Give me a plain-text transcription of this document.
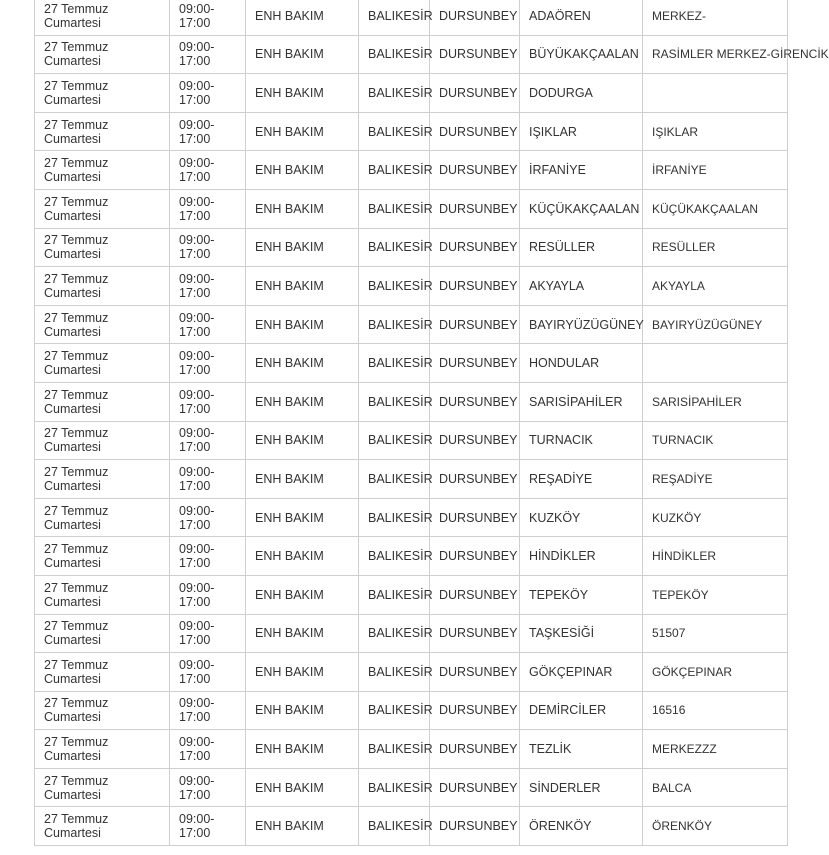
27 Temmuz
Cumartesi	09:00-
17:00	ENH BAKIM	BALIKESİR	DURSUNBEY	ADAÖREN	MERKEZ-

27 Temmuz
Cumartesi	09:00-
17:00	ENH BAKIM	BALIKESİR	DURSUNBEY	BÜYÜKAKÇAALAN	RASİMLER MERKEZ-GİRENCİK

27 Temmuz
Cumartesi	09:00-
17:00	ENH BAKIM	BALIKESİR	DURSUNBEY	DODURGA	

27 Temmuz
Cumartesi	09:00-
17:00	ENH BAKIM	BALIKESİR	DURSUNBEY	IŞIKLAR	IŞIKLAR

27 Temmuz
Cumartesi	09:00-
17:00	ENH BAKIM	BALIKESİR	DURSUNBEY	İRFANİYE	İRFANİYE

27 Temmuz
Cumartesi	09:00-
17:00	ENH BAKIM	BALIKESİR	DURSUNBEY	KÜÇÜKAKÇAALAN	KÜÇÜKAKÇAALAN

27 Temmuz
Cumartesi	09:00-
17:00	ENH BAKIM	BALIKESİR	DURSUNBEY	RESÜLLER	RESÜLLER

27 Temmuz
Cumartesi	09:00-
17:00	ENH BAKIM	BALIKESİR	DURSUNBEY	AKYAYLA	AKYAYLA

27 Temmuz
Cumartesi	09:00-
17:00	ENH BAKIM	BALIKESİR	DURSUNBEY	BAYIRYÜZÜGÜNEY	BAYIRYÜZÜGÜNEY

27 Temmuz
Cumartesi	09:00-
17:00	ENH BAKIM	BALIKESİR	DURSUNBEY	HONDULAR	

27 Temmuz
Cumartesi	09:00-
17:00	ENH BAKIM	BALIKESİR	DURSUNBEY	SARISİPAHİLER	SARISİPAHİLER

27 Temmuz
Cumartesi	09:00-
17:00	ENH BAKIM	BALIKESİR	DURSUNBEY	TURNACIK	TURNACIK

27 Temmuz
Cumartesi	09:00-
17:00	ENH BAKIM	BALIKESİR	DURSUNBEY	REŞADİYE	REŞADİYE

27 Temmuz
Cumartesi	09:00-
17:00	ENH BAKIM	BALIKESİR	DURSUNBEY	KUZKÖY	KUZKÖY

27 Temmuz
Cumartesi	09:00-
17:00	ENH BAKIM	BALIKESİR	DURSUNBEY	HİNDİKLER	HİNDİKLER

27 Temmuz
Cumartesi	09:00-
17:00	ENH BAKIM	BALIKESİR	DURSUNBEY	TEPEKÖY	TEPEKÖY

27 Temmuz
Cumartesi	09:00-
17:00	ENH BAKIM	BALIKESİR	DURSUNBEY	TAŞKESİĞİ	51507

27 Temmuz
Cumartesi	09:00-
17:00	ENH BAKIM	BALIKESİR	DURSUNBEY	GÖKÇEPINAR	GÖKÇEPINAR

27 Temmuz
Cumartesi	09:00-
17:00	ENH BAKIM	BALIKESİR	DURSUNBEY	DEMİRCİLER	16516

27 Temmuz
Cumartesi	09:00-
17:00	ENH BAKIM	BALIKESİR	DURSUNBEY	TEZLİK	MERKEZZZ

27 Temmuz
Cumartesi	09:00-
17:00	ENH BAKIM	BALIKESİR	DURSUNBEY	SİNDERLER	BALCA

27 Temmuz
Cumartesi	09:00-
17:00	ENH BAKIM	BALIKESİR	DURSUNBEY	ÖRENKÖY	ÖRENKÖY
